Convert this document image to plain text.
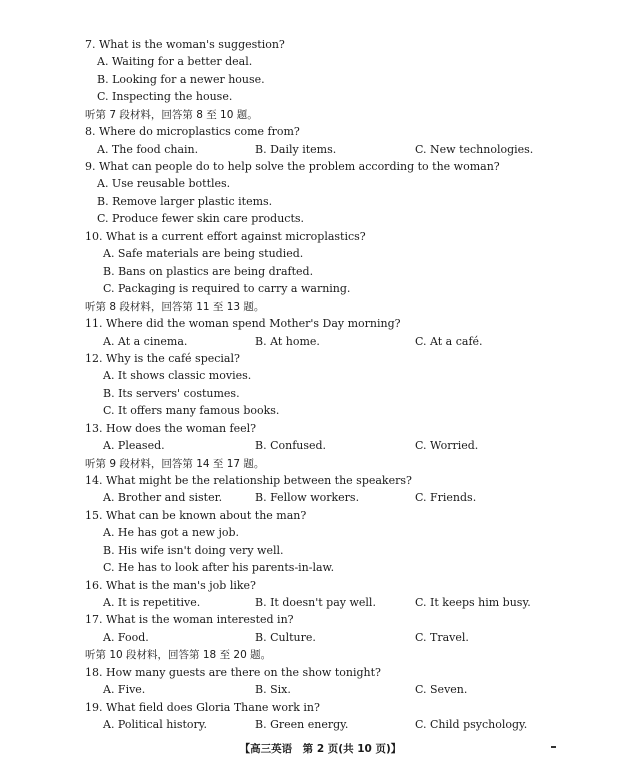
7. What is the woman's suggestion?
A. Waiting for a better deal.
B. Looking for a newer house.
C. Inspecting the house.
听第 7 段材料，回答第 8 至 10 题。
8. Where do microplastics come from?
A. The food chain.	B. Daily items.	C. New technologies.
9. What can people do to help solve the problem according to the woman?
A. Use reusable bottles.
B. Remove larger plastic items.
C. Produce fewer skin care products.
10. What is a current effort against microplastics?
A. Safe materials are being studied.
B. Bans on plastics are being drafted.
C. Packaging is required to carry a warning.
听第 8 段材料，回答第 11 至 13 题。
11. Where did the woman spend Mother's Day morning?
A. At a cinema.	B. At home.	C. At a café.
12. Why is the café special?
A. It shows classic movies.
B. Its servers' costumes.
C. It offers many famous books.
13. How does the woman feel?
A. Pleased.	B. Confused.	C. Worried.
听第 9 段材料，回答第 14 至 17 题。
14. What might be the relationship between the speakers?
A. Brother and sister.	B. Fellow workers.	C. Friends.
15. What can be known about the man?
A. He has got a new job.
B. His wife isn't doing very well.
C. He has to look after his parents-in-law.
16. What is the man's job like?
A. It is repetitive.	B. It doesn't pay well.	C. It keeps him busy.
17. What is the woman interested in?
A. Food.	B. Culture.	C. Travel.
听第 10 段材料，回答第 18 至 20 题。
18. How many guests are there on the show tonight?
A. Five.	B. Six.	C. Seven.
19. What field does Gloria Thane work in?
A. Political history.	B. Green energy.	C. Child psychology.
【高三英语　第 2 页(共 10 页)】
